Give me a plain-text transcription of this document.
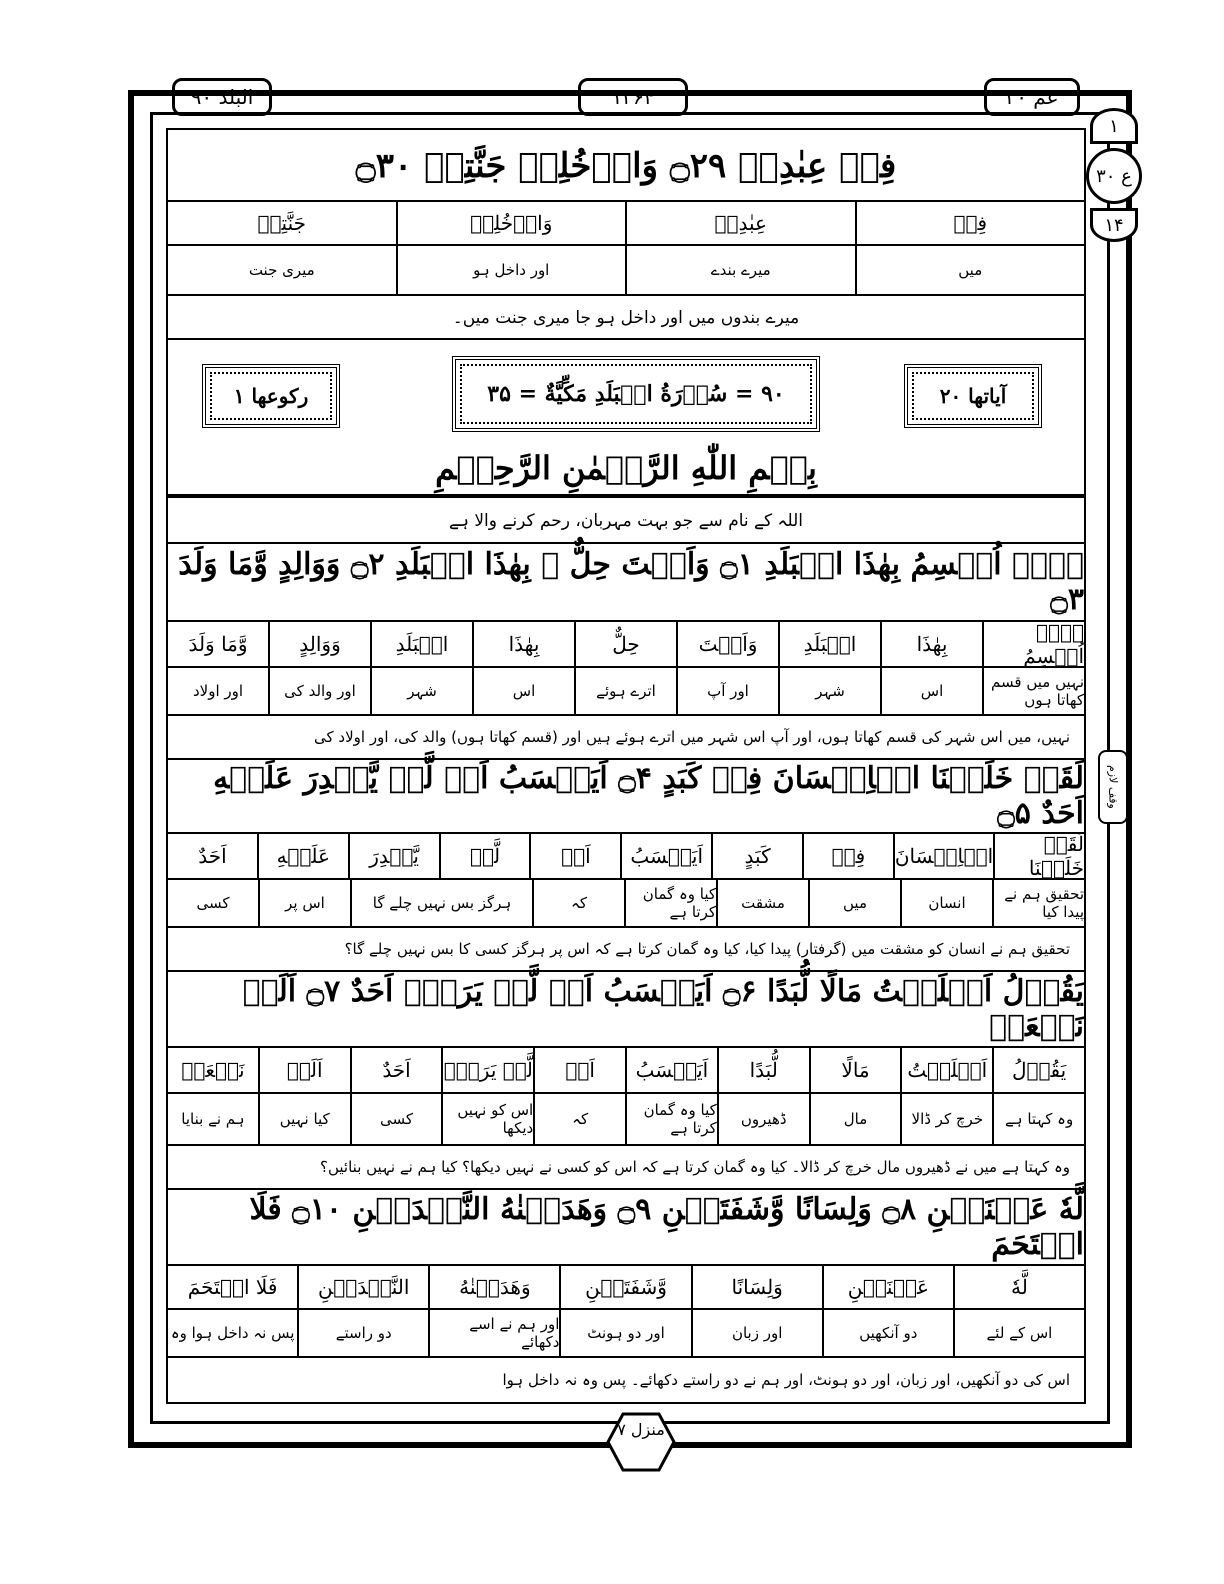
البلد ۹۰	۱۲۶۴	عم ۳۰
۱
ع ۳۰
۱۴
وقف لازم
فِىۡ عِبٰدِىۡ ۝۲۹ وَادۡخُلِىۡ جَنَّتِىۡ ۝۳۰
فِىۡ
عِبٰدِىۡ
وَادۡخُلِىۡ
جَنَّتِىۡ
میں
میرے بندے
اور داخل ہو
میری جنت
میرے بندوں میں اور داخل ہو جا میری جنت میں۔
آیاتھا ۲۰
۹۰ = سُوۡرَةُ الۡبَلَدِ مَكِّيَّةٌ = ۳۵
رکوعھا ۱
بِسۡمِ اللّٰهِ الرَّحۡمٰنِ الرَّحِيۡمِ
اللہ کے نام سے جو بہت مہربان، رحم کرنے والا ہے
لَاۤ اُقۡسِمُ بِهٰذَا الۡبَلَدِ ۝۱ وَاَنۡتَ حِلٌّ ۢ بِهٰذَا الۡبَلَدِ ۝۲ وَوَالِدٍ وَّمَا وَلَدَ ۝۳
لَاۤ اُقۡسِمُ
بِهٰذَا
الۡبَلَدِ
وَاَنۡتَ
حِلٌّ
بِهٰذَا
الۡبَلَدِ
وَوَالِدٍ
وَّمَا وَلَدَ
نہیں میں قسم کھاتا ہوں
اس
شہر
اور آپ
اترے ہوئے
اس
شہر
اور والد کی
اور اولاد
نہیں، میں اس شہر کی قسم کھاتا ہوں، اور آپ اس شہر میں اترے ہوئے ہیں اور (قسم کھاتا ہوں) والد کی، اور اولاد کی
لَقَدۡ خَلَقۡنَا الۡاِنۡسَانَ فِىۡ كَبَدٍ ۝۴ اَيَحۡسَبُ اَنۡ لَّنۡ يَّقۡدِرَ عَلَيۡهِ اَحَدٌ ۝۵
لَقَدۡ خَلَقۡنَا
الۡاِنۡسَانَ
فِىۡ
كَبَدٍ
اَيَحۡسَبُ
اَنۡ
لَّنۡ
يَّقۡدِرَ
عَلَيۡهِ
اَحَدٌ
تحقیق ہم نے پیدا کیا
انسان
میں
مشقت
کیا وہ گمان کرتا ہے
کہ
ہرگز بس نہیں چلے گا
اس پر
کسی
تحقیق ہم نے انسان کو مشقت میں (گرفتار) پیدا کیا، کیا وہ گمان کرتا ہے کہ اس پر ہرگز کسی کا بس نہیں چلے گا؟
يَقُوۡلُ اَهۡلَكۡتُ مَالًا لُّبَدًا ۝۶ اَيَحۡسَبُ اَنۡ لَّمۡ يَرَهٗۤ اَحَدٌ ۝۷ اَلَمۡ نَجۡعَلۡ
يَقُوۡلُ
اَهۡلَكۡتُ
مَالًا
لُّبَدًا
اَيَحۡسَبُ
اَنۡ
لَّمۡ يَرَهٗۤ
اَحَدٌ
اَلَمۡ
نَجۡعَلۡ
وہ کہتا ہے
خرچ کر ڈالا
مال
ڈھیروں
کیا وہ گمان کرتا ہے
کہ
اس کو نہیں دیکھا
کسی
کیا نہیں
ہم نے بنایا
وہ کہتا ہے میں نے ڈھیروں مال خرچ کر ڈالا۔ کیا وہ گمان کرتا ہے کہ اس کو کسی نے نہیں دیکھا؟ کیا ہم نے نہیں بنائیں؟
لَّهٗ عَيۡنَيۡنِ ۝۸ وَلِسَانًا وَّشَفَتَيۡنِ ۝۹ وَهَدَيۡنٰهُ النَّجۡدَيۡنِ ۝۱۰ فَلَا اقۡتَحَمَ
لَّهٗ
عَيۡنَيۡنِ
وَلِسَانًا
وَّشَفَتَيۡنِ
وَهَدَيۡنٰهُ
النَّجۡدَيۡنِ
فَلَا اقۡتَحَمَ
اس کے لئے
دو آنکھیں
اور زبان
اور دو ہونٹ
اور ہم نے اسے دکھائے
دو راستے
پس نہ داخل ہوا وہ
اس کی دو آنکھیں، اور زبان، اور دو ہونٹ، اور ہم نے دو راستے دکھائے۔ پس وہ نہ داخل ہوا
منزل ۷
